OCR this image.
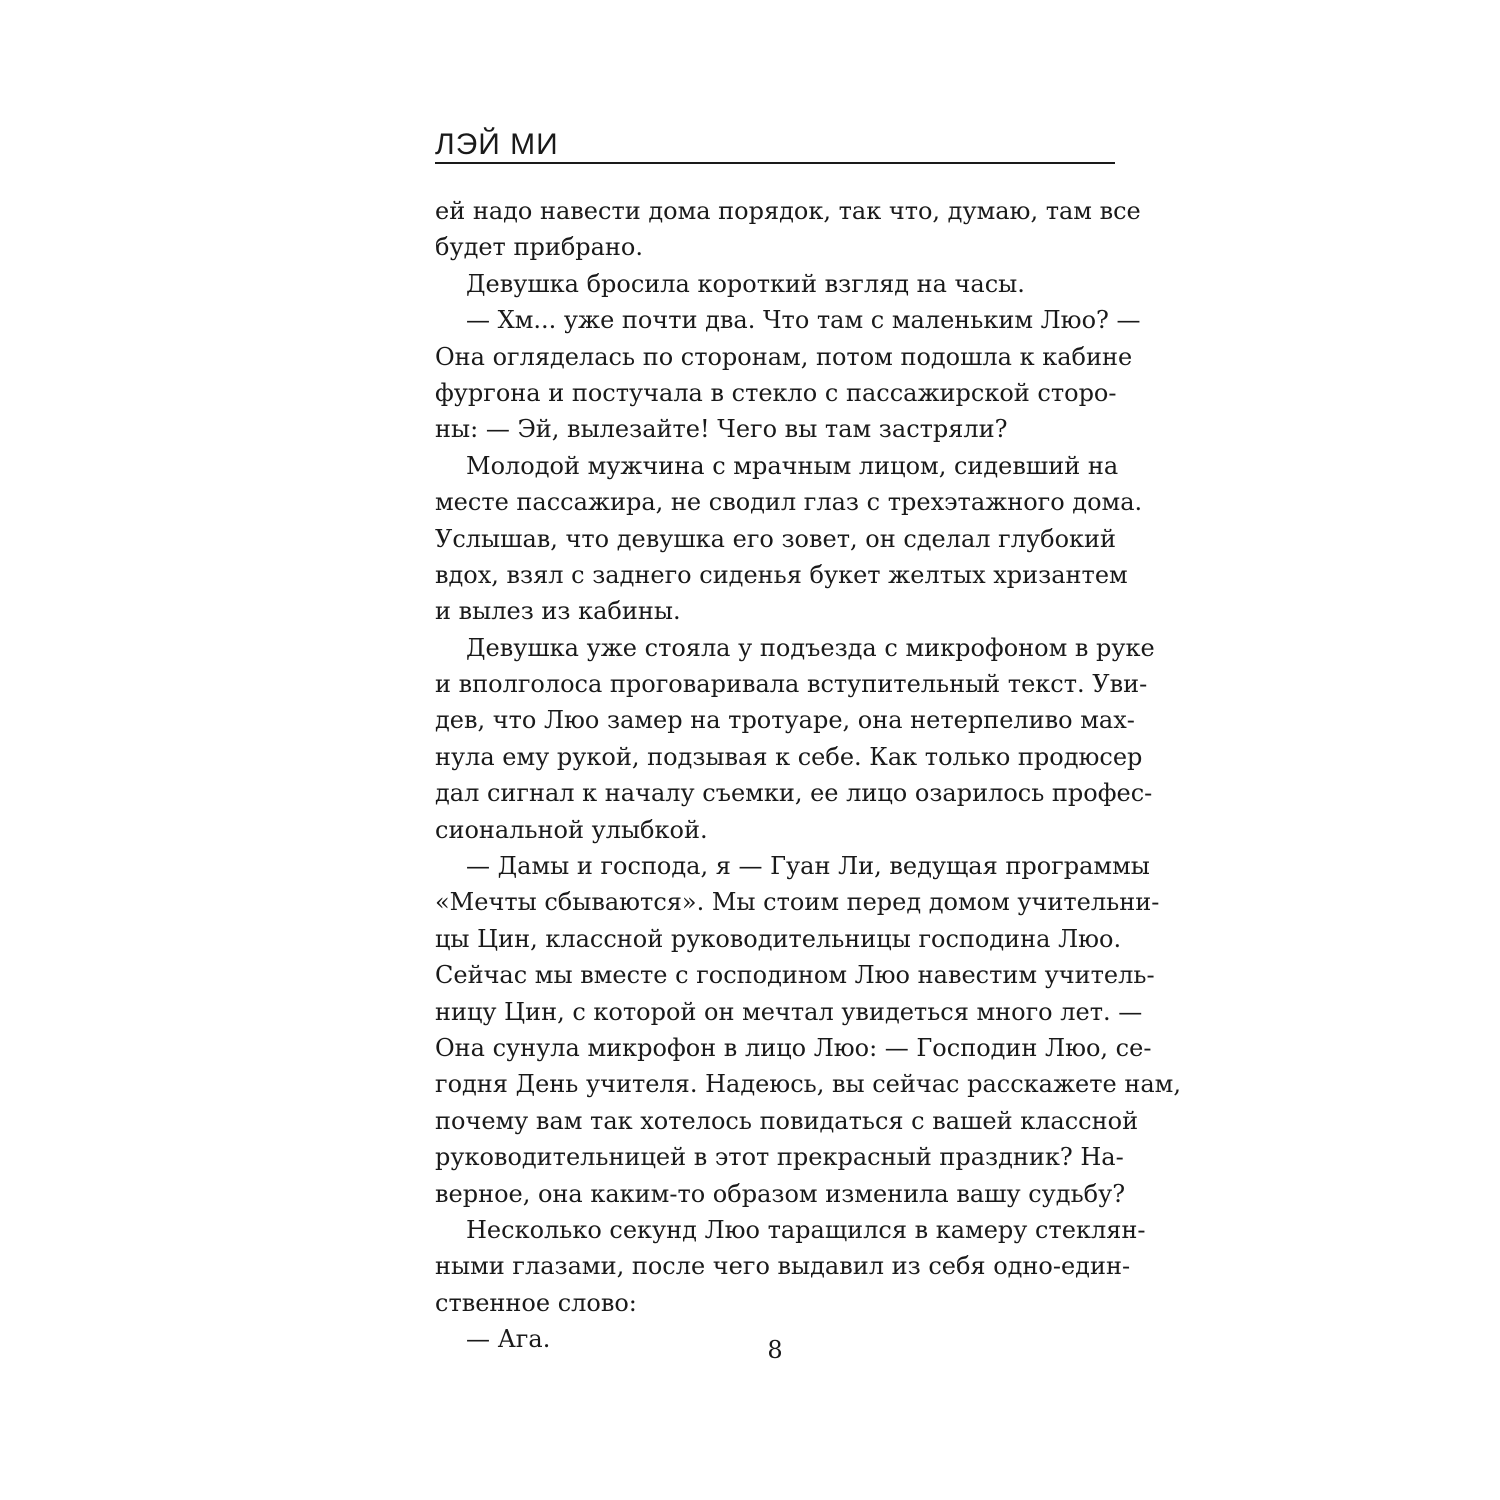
ЛЭЙ МИ
ей надо навести дома порядок, так что, думаю, там все
будет прибрано.
Девушка бросила короткий взгляд на часы.
— Хм... уже почти два. Что там с маленьким Люо? —
Она огляделась по сторонам, потом подошла к кабине
фургона и постучала в стекло с пассажирской сторо-
ны: — Эй, вылезайте! Чего вы там застряли?
Молодой мужчина с мрачным лицом, сидевший на
месте пассажира, не сводил глаз с трехэтажного дома.
Услышав, что девушка его зовет, он сделал глубокий
вдох, взял с заднего сиденья букет желтых хризантем
и вылез из кабины.
Девушка уже стояла у подъезда с микрофоном в руке
и вполголоса проговаривала вступительный текст. Уви-
дев, что Люо замер на тротуаре, она нетерпеливо мах-
нула ему рукой, подзывая к себе. Как только продюсер
дал сигнал к началу съемки, ее лицо озарилось профес-
сиональной улыбкой.
— Дамы и господа, я — Гуан Ли, ведущая программы
«Мечты сбываются». Мы стоим перед домом учительни-
цы Цин, классной руководительницы господина Люо.
Сейчас мы вместе с господином Люо навестим учитель-
ницу Цин, с которой он мечтал увидеться много лет. —
Она сунула микрофон в лицо Люо: — Господин Люо, се-
годня День учителя. Надеюсь, вы сейчас расскажете нам,
почему вам так хотелось повидаться с вашей классной
руководительницей в этот прекрасный праздник? На-
верное, она каким-то образом изменила вашу судьбу?
Несколько секунд Люо таращился в камеру стеклян-
ными глазами, после чего выдавил из себя одно-един-
ственное слово:
— Ага.	8
